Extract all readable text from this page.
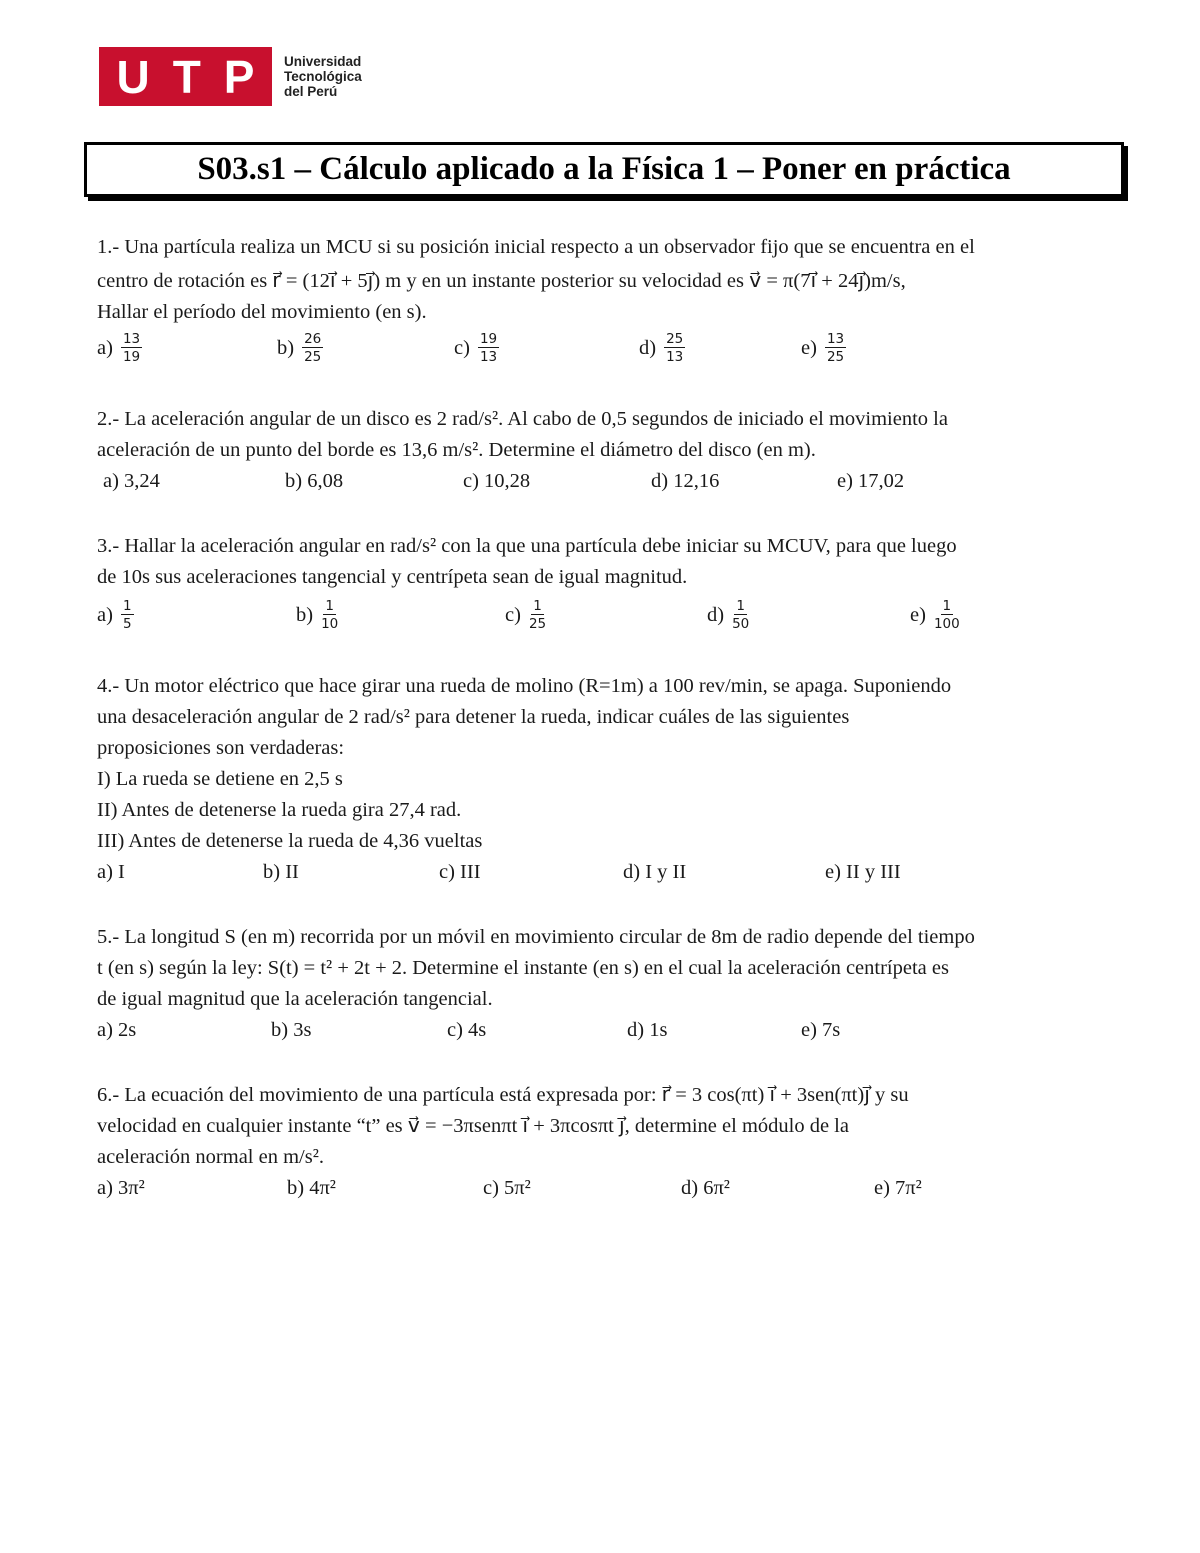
U T P Universidad
Tecnológica
del Perú
S03.s1 – Cálculo aplicado a la Física 1 – Poner en práctica

1.- Una partícula realiza un MCU si su posición inicial respecto a un observador fijo que se encuentra en el

centro de rotación es r⃗ = (12i⃗ + 5j⃗) m y en un instante posterior su velocidad es v⃗ = π(7i⃗ + 24j⃗)m/s,

Hallar el período del movimiento (en s).

$a) \frac{13}{19}$	$b) \frac{26}{25}$	$c) \frac{19}{13}$	$d) \frac{25}{13}$	$e) \frac{13}{25}$

2.- La aceleración angular de un disco es 2 rad/s². Al cabo de 0,5 segundos de iniciado el movimiento la

aceleración de un punto del borde es 13,6 m/s². Determine el diámetro del disco (en m).

a) 3,24	b) 6,08	c) 10,28	d) 12,16	e) 17,02

3.- Hallar la aceleración angular en rad/s² con la que una partícula debe iniciar su MCUV, para que luego

de 10s sus aceleraciones tangencial y centrípeta sean de igual magnitud.

$a) \frac{1}{5}$	$b) \frac{1}{10}$	$c) \frac{1}{25}$	$d) \frac{1}{50}$	$e) \frac{1}{100}$

4.- Un motor eléctrico que hace girar una rueda de molino (R=1m) a 100 rev/min, se apaga. Suponiendo

una desaceleración angular de 2 rad/s² para detener la rueda, indicar cuáles de las siguientes

proposiciones son verdaderas:

I) La rueda se detiene en 2,5 s

II) Antes de detenerse la rueda gira 27,4 rad.

III) Antes de detenerse la rueda de 4,36 vueltas

a) I	b) II	c) III	d) I y II	e) II y III

5.- La longitud S (en m) recorrida por un móvil en movimiento circular de 8m de radio depende del tiempo

t (en s) según la ley: S(t) = t² + 2t + 2. Determine el instante (en s) en el cual la aceleración centrípeta es

de igual magnitud que la aceleración tangencial.

a) 2s	b) 3s	c) 4s	d) 1s	e) 7s

6.- La ecuación del movimiento de una partícula está expresada por: r⃗ = 3 cos(πt) i⃗ + 3sen(πt)j⃗ y su

velocidad en cualquier instante “t” es v⃗ = −3πsenπt i⃗ + 3πcosπt j⃗, determine el módulo de la

aceleración normal en m/s².

a) 3π²	b) 4π²	c) 5π²	d) 6π²	e) 7π²
